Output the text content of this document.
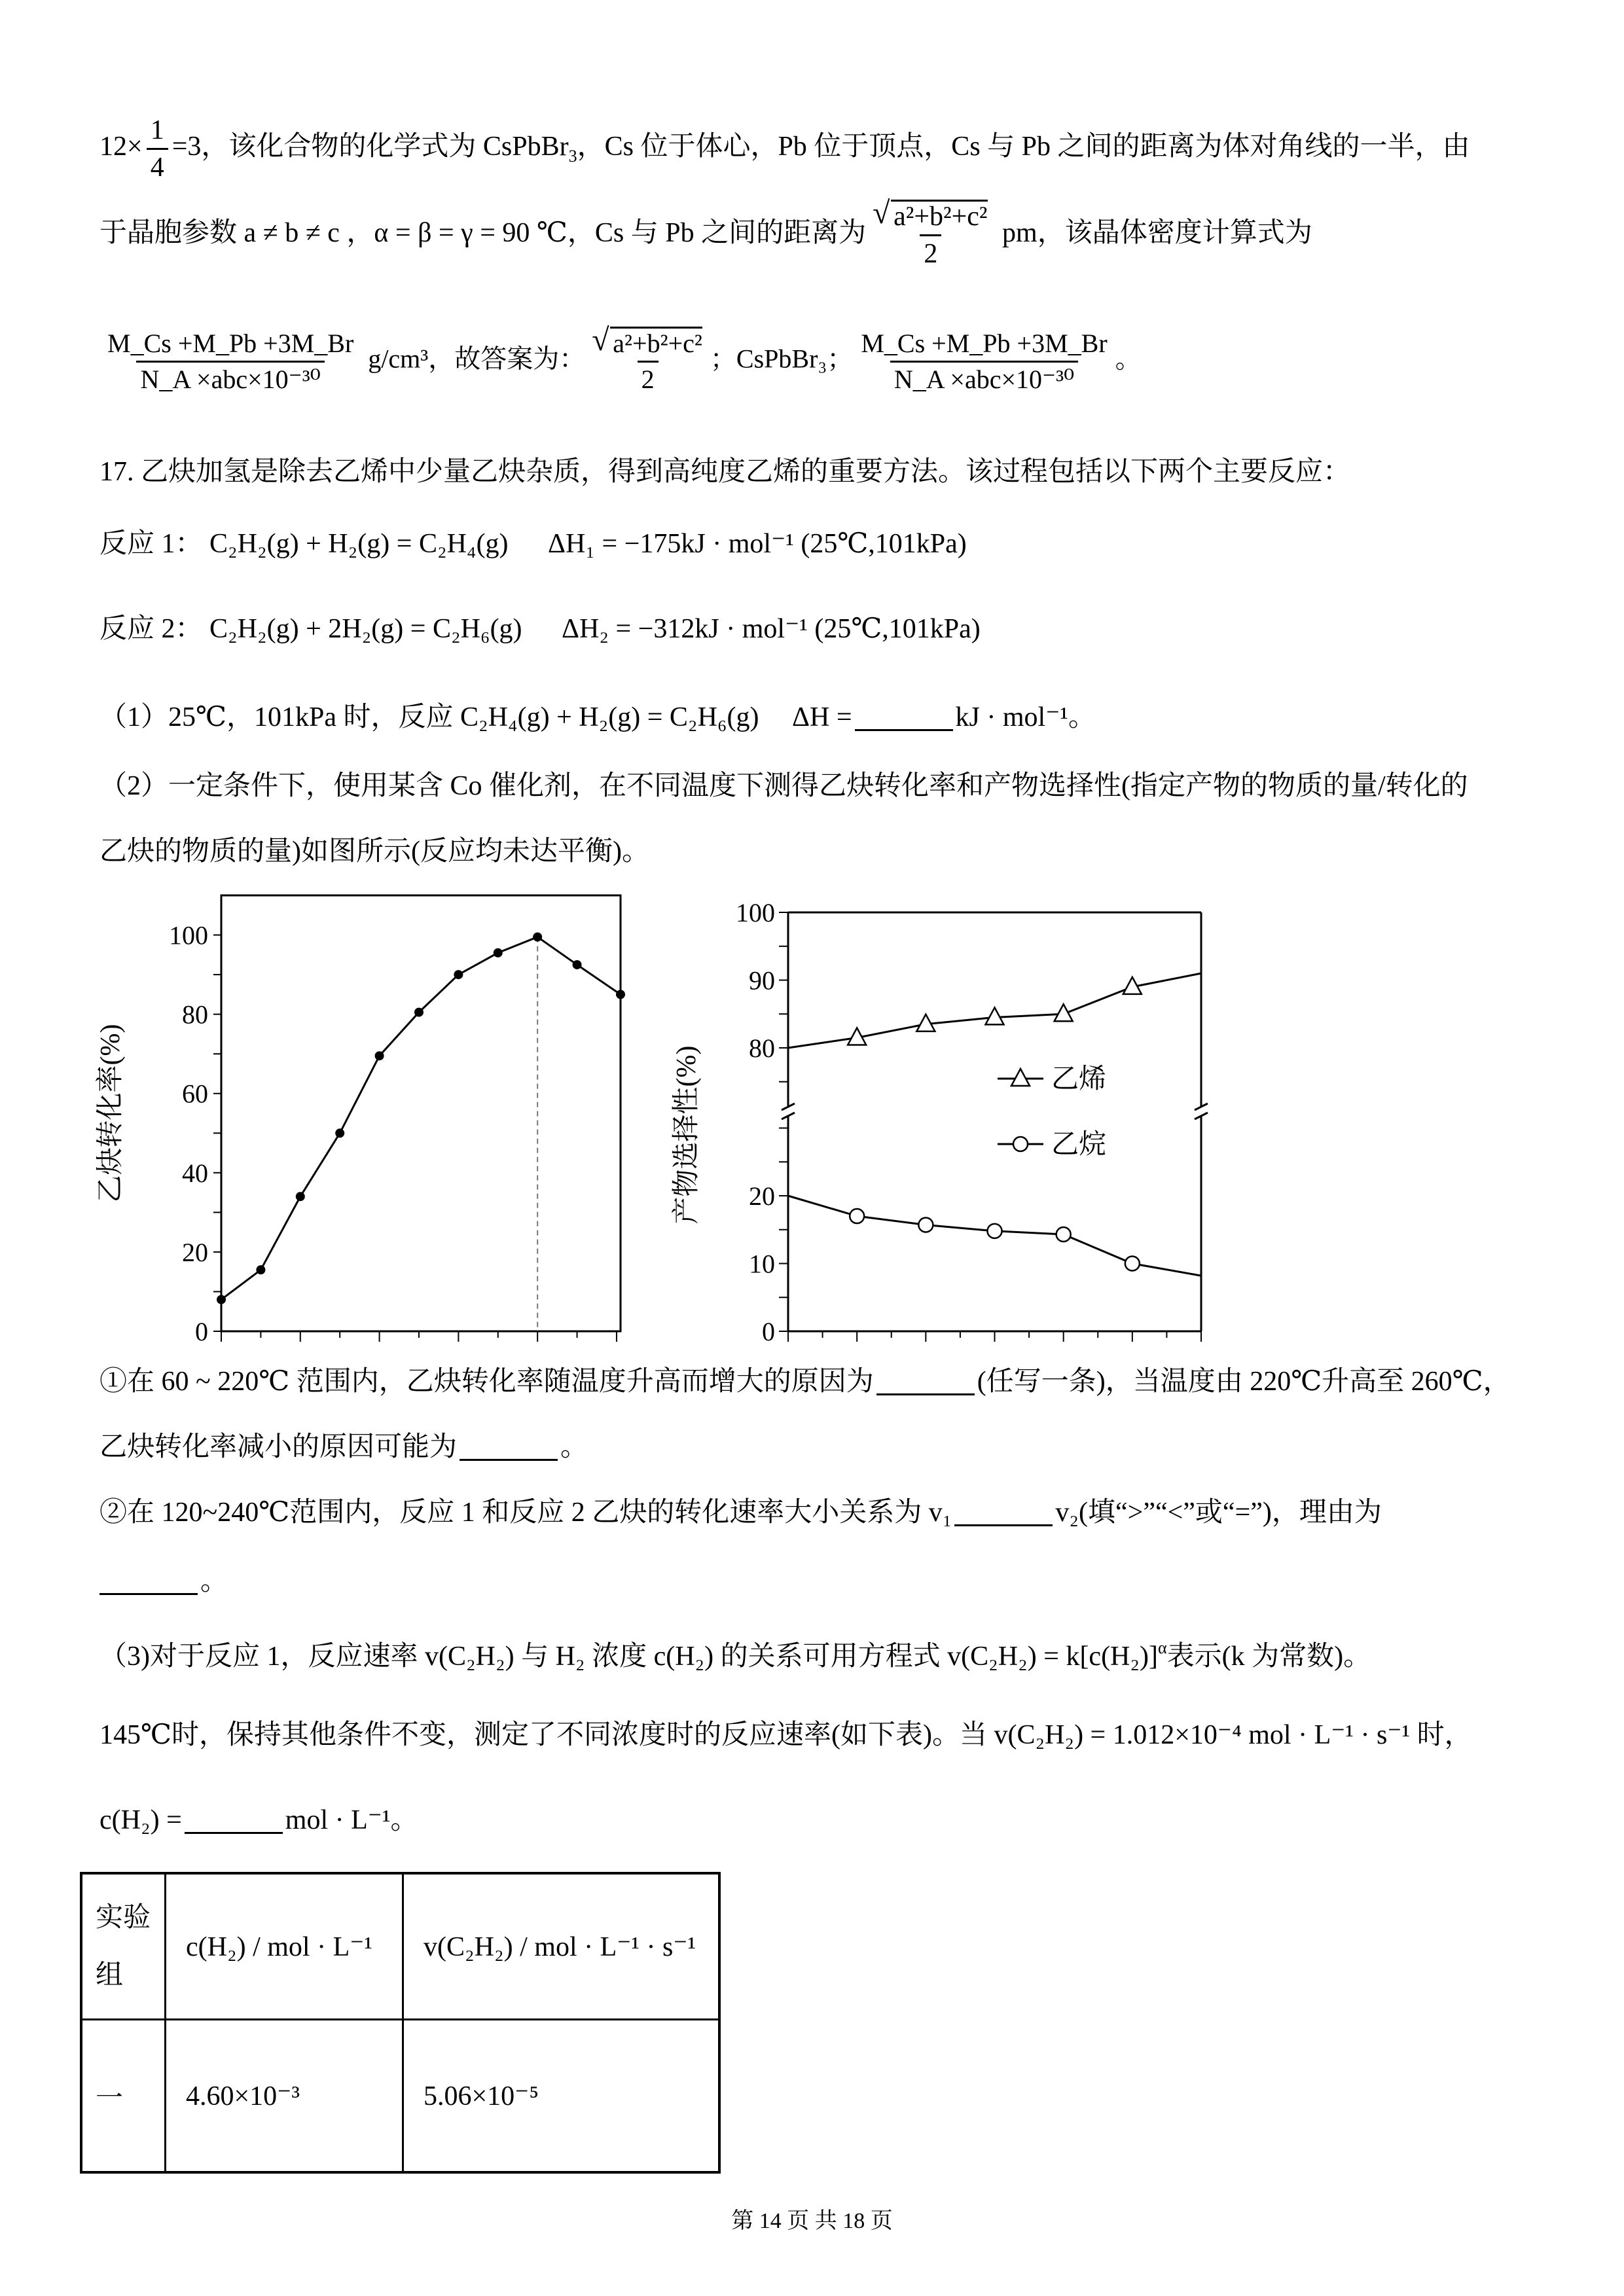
$12\times \frac{1}{4} =3$，该化合物的化学式为 CsPbBr$_3$，Cs 位于体心，Pb 位于顶点，Cs 与 Pb 之间的距离为体对角线的一半，由
于晶胞参数 a ≠ b ≠ c ，α = β = γ = 90 ℃，Cs 与 Pb 之间的距离为 √ $\frac{\text{a²+b²+c²}}{2}$ pm，该晶体密度计算式为
$\frac{M\_Cs +M\_Pb +3M\_Br}{\text{N\_A ×abc×10⁻³⁰}} g/cm^3$，故答案为： √ $\frac{\text{a²+b²+c²}}{2}$ ；CsPbBr₃； $\frac{M\_Cs +M\_Pb +3M\_Br}{\text{N\_A ×abc×10⁻³⁰}}$ 。
17. 乙炔加氢是除去乙烯中少量乙炔杂质，得到高纯度乙烯的重要方法。该过程包括以下两个主要反应：
反应 1： C₂H₂(g) + H₂(g) = C₂H₄(g) ΔH₁ = −175kJ · mol⁻¹ (25℃,101kPa)
反应 2： C₂H₂(g) + 2H₂(g) = C₂H₆(g) ΔH₂ = −312kJ · mol⁻¹ (25℃,101kPa)
（1）25℃，101kPa 时，反应 C₂H₄(g) + H₂(g) = C₂H₆(g) ΔH =	kJ · mol⁻¹。
（2）一定条件下，使用某含 Co 催化剂，在不同温度下测得乙炔转化率和产物选择性(指定产物的物质的量/转化的
乙炔的物质的量)如图所示(反应均未达平衡)。
0
20
40
60
80
100
乙炔转化率(%)
0
10
20
80
90
100
产物选择性(%)	乙烯
乙烷
①在 60 ~ 220℃ 范围内，乙炔转化率随温度升高而增大的原因为	(任写一条)，当温度由 220℃升高至 260℃，
乙炔转化率减小的原因可能为	。
②在 120~240℃范围内，反应 1 和反应 2 乙炔的转化速率大小关系为 v₁	v₂(填“>”“<”或“=”)，理由为
。
（3)对于反应 1，反应速率 v(C₂H₂) 与 H₂ 浓度 c(H₂) 的关系可用方程式 $v(C_2H_2) = k[c(H_2)]^\alpha$表示(k 为常数)。
145℃时，保持其他条件不变，测定了不同浓度时的反应速率(如下表)。当 v(C₂H₂) = 1.012×10⁻⁴ mol · L⁻¹ · s⁻¹ 时，
c(H₂) =	mol · L⁻¹。
实验组	c(H₂) / mol · L⁻¹	v(C₂H₂) / mol · L⁻¹ · s⁻¹
一	4.60×10⁻³	5.06×10⁻⁵
第 14 页 共 18 页
